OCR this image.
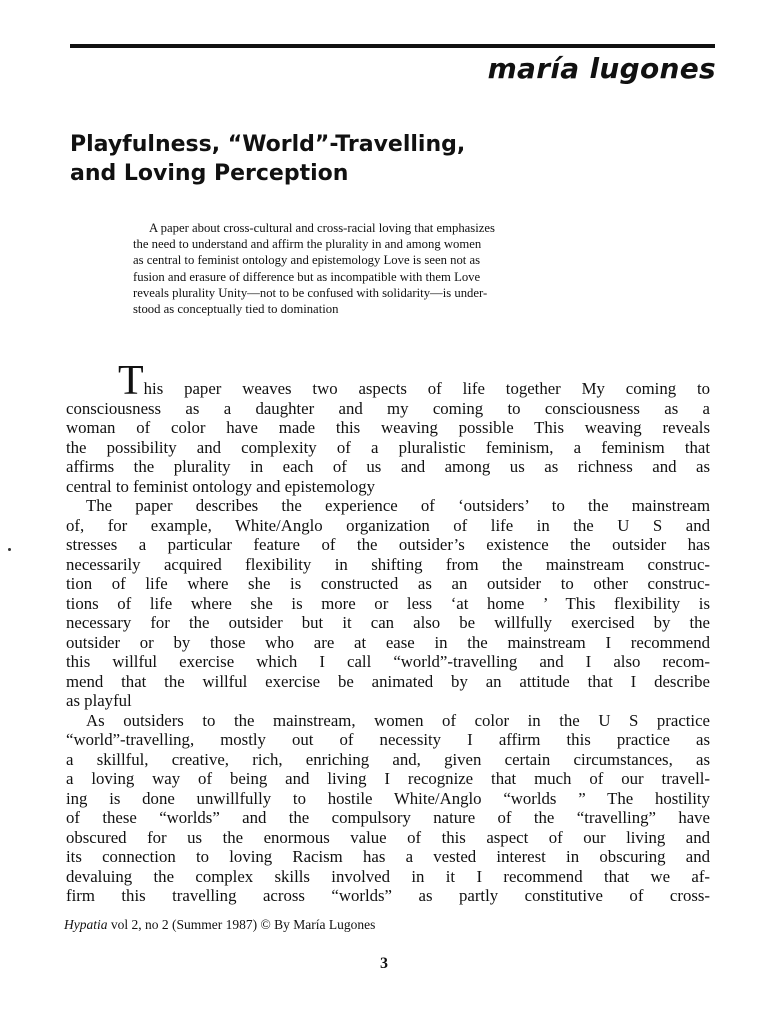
maría lugones
Playfulness, “World”-Travelling,
and Loving Perception
A paper about cross-cultural and cross-racial loving that emphasizes
the need to understand and affirm the plurality in and among women
as central to feminist ontology and epistemology Love is seen not as
fusion and erasure of difference but as incompatible with them Love
reveals plurality Unity—not to be confused with solidarity—is under-
stood as conceptually tied to domination
This paper weaves two aspects of life together My coming to
consciousness as a daughter and my coming to consciousness as a
woman of color have made this weaving possible This weaving reveals
the possibility and complexity of a pluralistic feminism, a feminism that
affirms the plurality in each of us and among us as richness and as
central to feminist ontology and epistemology
The paper describes the experience of ‘outsiders’ to the mainstream
of, for example, White/Anglo organization of life in the U S and
stresses a particular feature of the outsider’s existence the outsider has
necessarily acquired flexibility in shifting from the mainstream construc-
tion of life where she is constructed as an outsider to other construc-
tions of life where she is more or less ‘at home ’ This flexibility is
necessary for the outsider but it can also be willfully exercised by the
outsider or by those who are at ease in the mainstream I recommend
this willful exercise which I call “world”-travelling and I also recom-
mend that the willful exercise be animated by an attitude that I describe
as playful
As outsiders to the mainstream, women of color in the U S practice
“world”-travelling, mostly out of necessity I affirm this practice as
a skillful, creative, rich, enriching and, given certain circumstances, as
a loving way of being and living I recognize that much of our travell-
ing is done unwillfully to hostile White/Anglo “worlds ” The hostility
of these “worlds” and the compulsory nature of the “travelling” have
obscured for us the enormous value of this aspect of our living and
its connection to loving Racism has a vested interest in obscuring and
devaluing the complex skills involved in it I recommend that we af-
firm this travelling across “worlds” as partly constitutive of cross-
Hypatia vol 2, no 2 (Summer 1987) © By María Lugones
3
